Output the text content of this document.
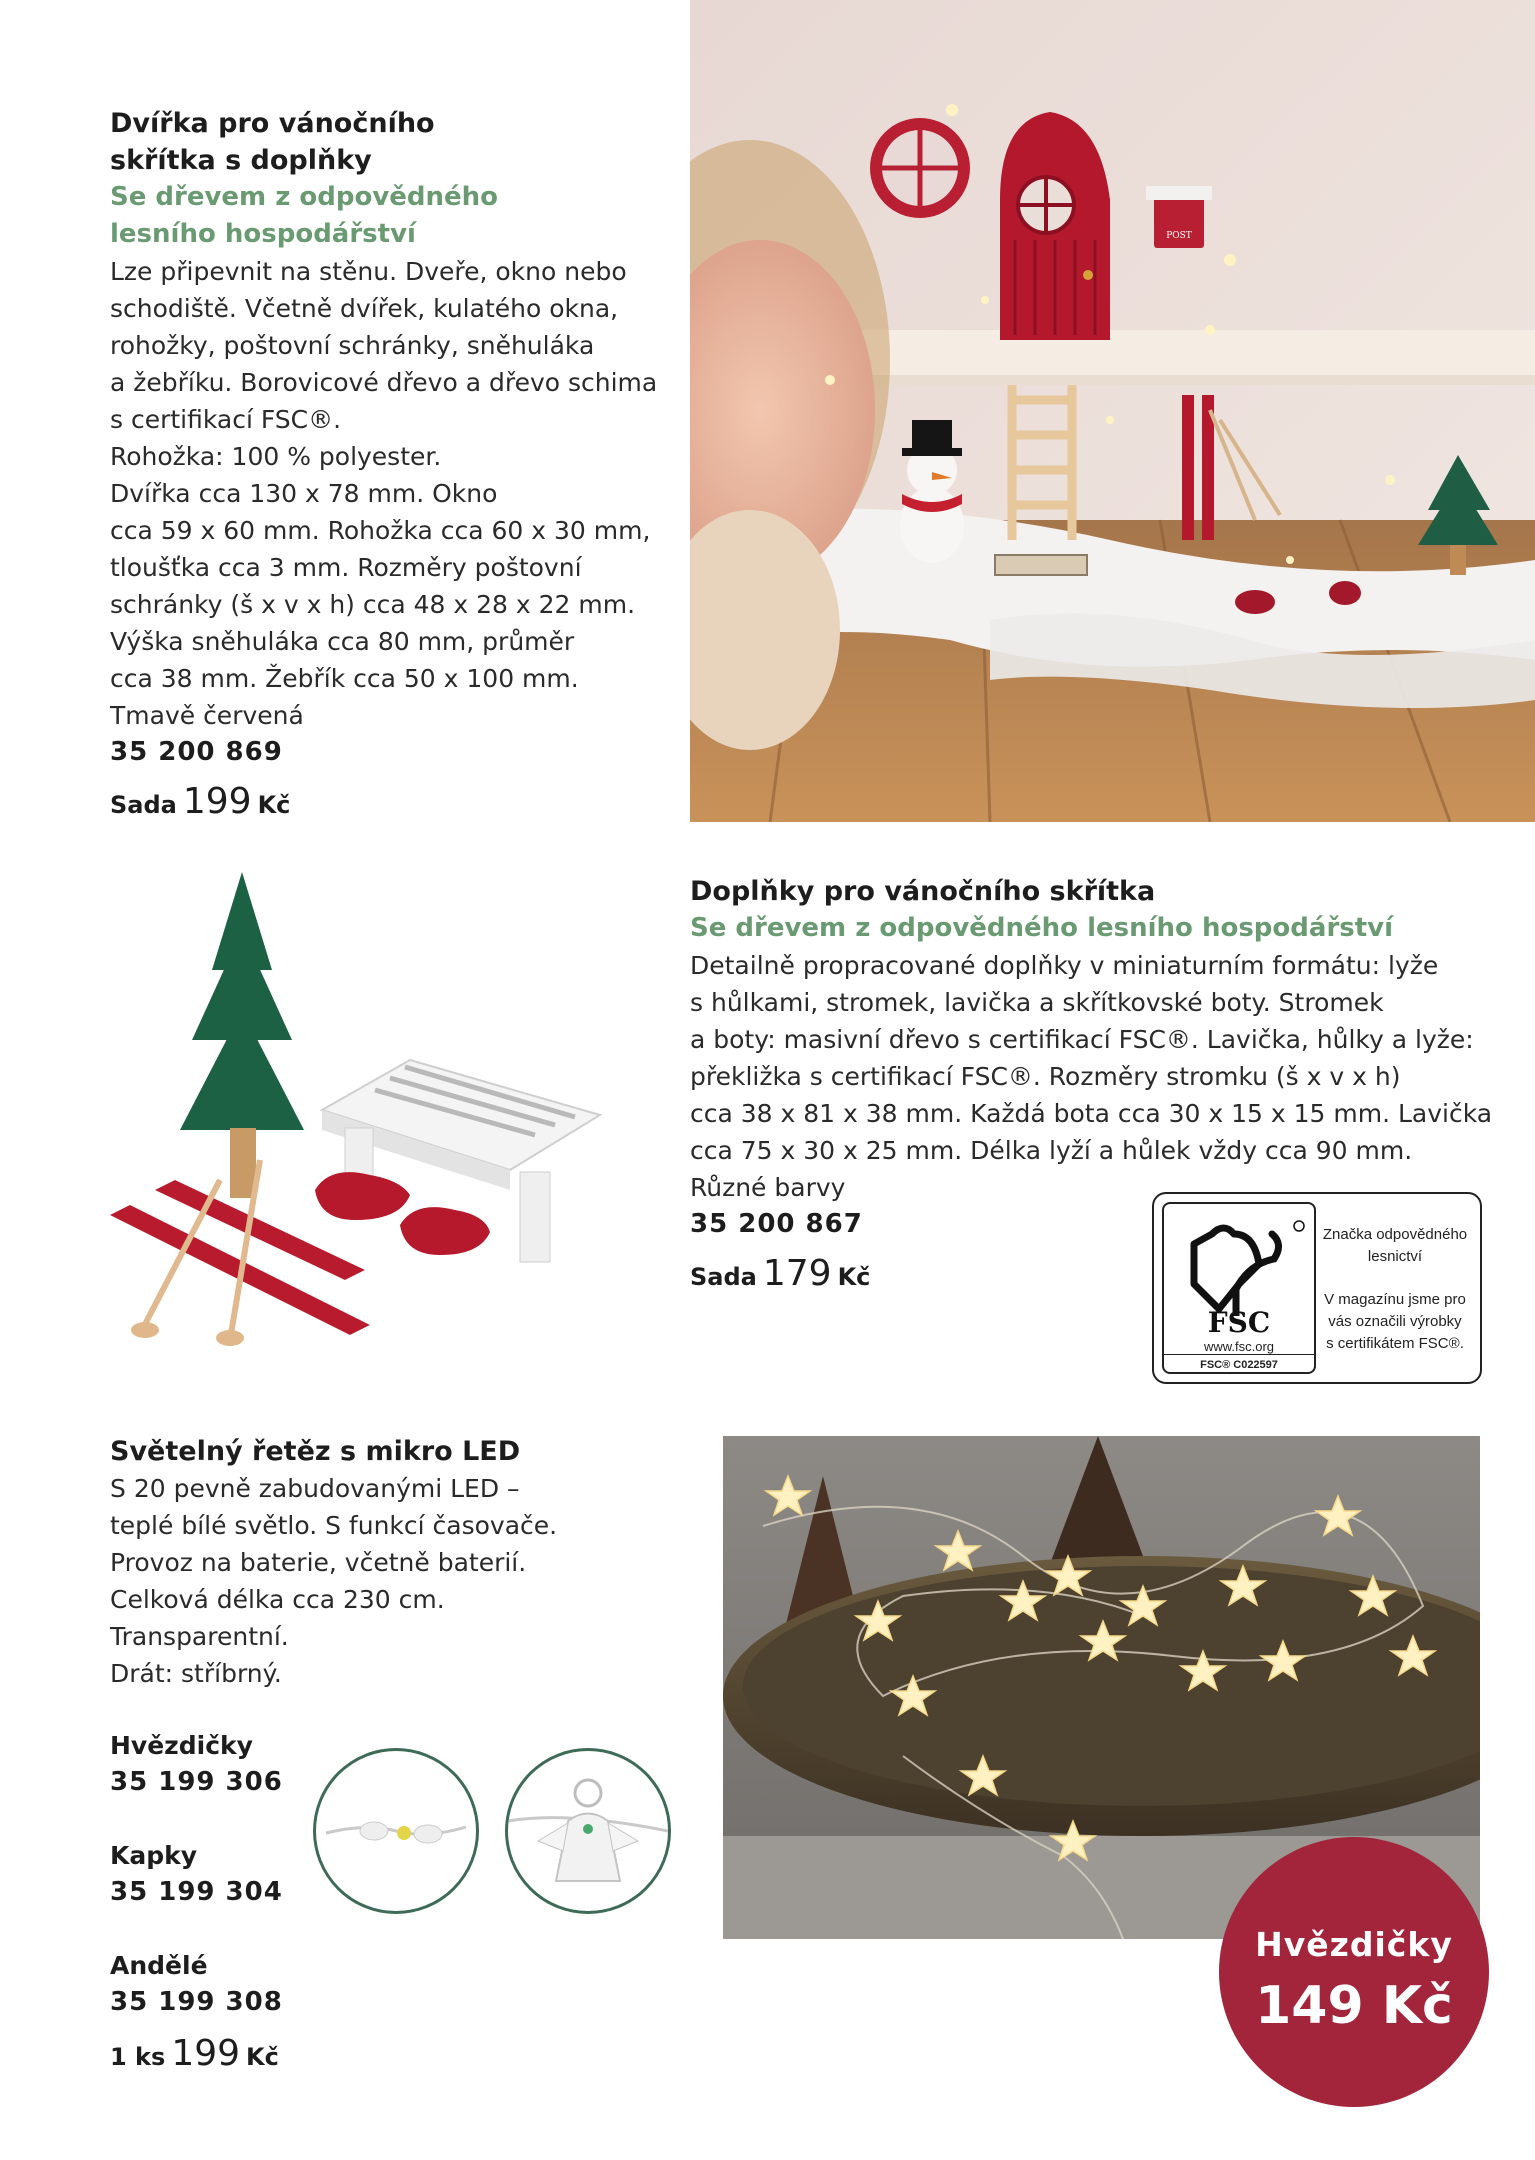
Dvířka pro vánočního
skřítka s doplňky
Se dřevem z odpovědného
lesního hospodářství
Lze připevnit na stěnu. Dveře, okno nebo
schodiště. Včetně dvířek, kulatého okna,
rohožky, poštovní schránky, sněhuláka
a žebříku. Borovicové dřevo a dřevo schima
s certifikací FSC®.
Rohožka: 100 % polyester.
Dvířka cca 130 x 78 mm. Okno
cca 59 x 60 mm. Rohožka cca 60 x 30 mm,
tloušťka cca 3 mm. Rozměry poštovní
schránky (š x v x h) cca 48 x 28 x 22 mm.
Výška sněhuláka cca 80 mm, průměr
cca 38 mm. Žebřík cca 50 x 100 mm.
Tmavě červená
35 200 869
Sada 199 Kč
POST
Doplňky pro vánočního skřítka
Se dřevem z odpovědného lesního hospodářství
Detailně propracované doplňky v miniaturním formátu: lyže
s hůlkami, stromek, lavička a skřítkovské boty. Stromek
a boty: masivní dřevo s certifikací FSC®. Lavička, hůlky a lyže:
překližka s certifikací FSC®. Rozměry stromku (š x v x h)
cca 38 x 81 x 38 mm. Každá bota cca 30 x 15 x 15 mm. Lavička
cca 75 x 30 x 25 mm. Délka lyží a hůlek vždy cca 90 mm.
Různé barvy
35 200 867
Sada 179 Kč
FSC
www.fsc.org
FSC® C022597
Značka odpovědného
lesnictví
V magazínu jsme pro
vás označili výrobky
s certifikátem FSC®.
Světelný řetěz s mikro LED
S 20 pevně zabudovanými LED –
teplé bílé světlo. S funkcí časovače.
Provoz na baterie, včetně baterií.
Celková délka cca 230 cm.
Transparentní.
Drát: stříbrný.
Hvězdičky
35 199 306
Kapky
35 199 304
Andělé
35 199 308
1 ks 199 Kč
Hvězdičky
149 Kč
